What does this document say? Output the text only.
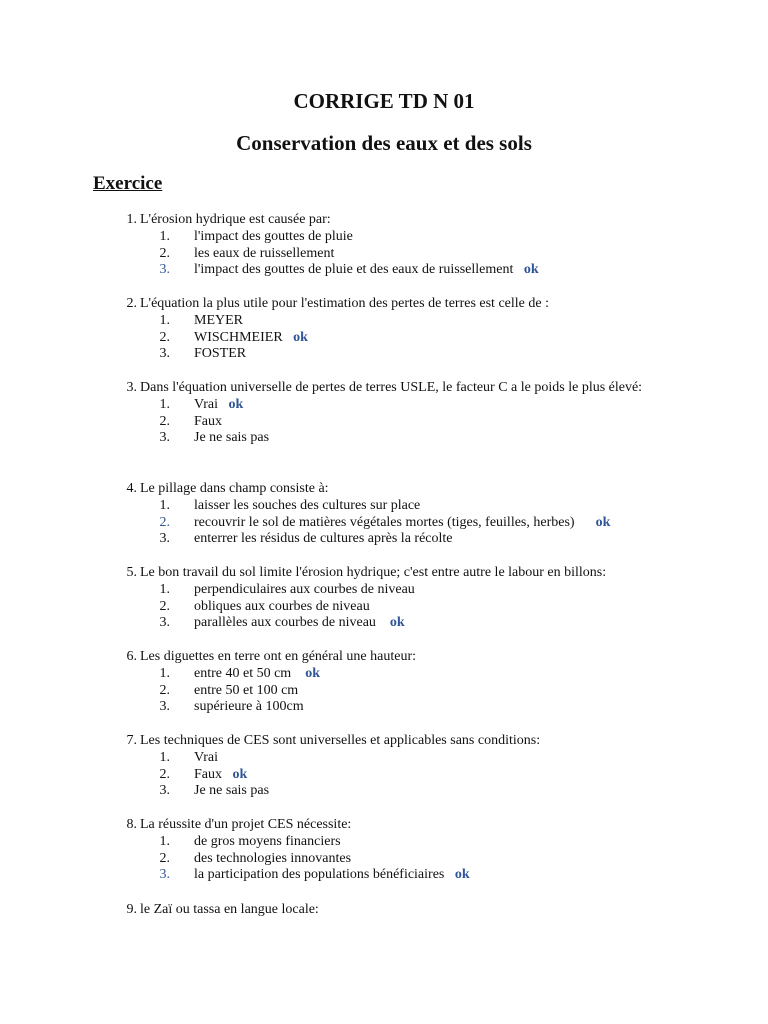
CORRIGE TD N 01
Conservation des eaux et des sols
Exercice
1. L'érosion hydrique est causée par:
1. l'impact des gouttes de pluie
2. les eaux de ruissellement
3. l'impact des gouttes de pluie et des eaux de ruissellement ok
2. L'équation la plus utile pour l'estimation des pertes de terres est celle de :
1. MEYER
2. WISCHMEIER ok
3. FOSTER
3. Dans l'équation universelle de pertes de terres USLE, le facteur C a le poids le plus élevé:
1. Vrai ok
2. Faux
3. Je ne sais pas
4. Le pillage dans champ consiste à:
1. laisser les souches des cultures sur place
2. recouvrir le sol de matières végétales mortes (tiges, feuilles, herbes) ok
3. enterrer les résidus de cultures après la récolte
5. Le bon travail du sol limite l'érosion hydrique; c'est entre autre le labour en billons:
1. perpendiculaires aux courbes de niveau
2. obliques aux courbes de niveau
3. parallèles aux courbes de niveau ok
6. Les diguettes en terre ont en général une hauteur:
1. entre 40 et 50 cm ok
2. entre 50 et 100 cm
3. supérieure à 100cm
7. Les techniques de CES sont universelles et applicables sans conditions:
1. Vrai
2. Faux ok
3. Je ne sais pas
8. La réussite d'un projet CES nécessite:
1. de gros moyens financiers
2. des technologies innovantes
3. la participation des populations bénéficiaires ok
9. le Zaï ou tassa en langue locale:
